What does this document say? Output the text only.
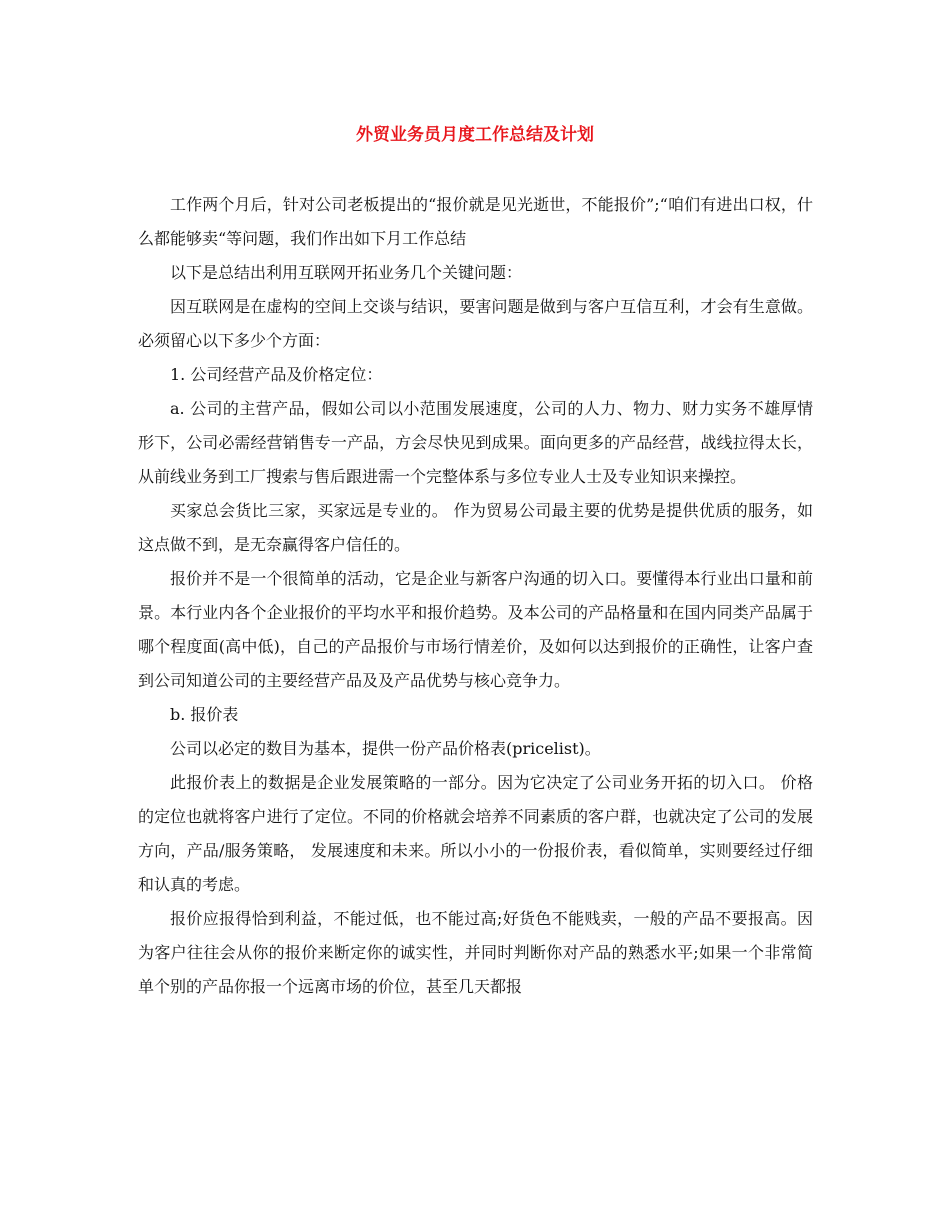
外贸业务员月度工作总结及计划

工作两个月后，针对公司老板提出的“报价就是见光逝世，不能报价”;“咱们有进出口权，什么都能够卖“等问题，我们作出如下月工作总结

以下是总结出利用互联网开拓业务几个关键问题：

因互联网是在虚构的空间上交谈与结识，要害问题是做到与客户互信互利，才会有生意做。必须留心以下多少个方面：

1. 公司经营产品及价格定位：

a. 公司的主营产品，假如公司以小范围发展速度，公司的人力、物力、财力实务不雄厚情形下，公司必需经营销售专一产品，方会尽快见到成果。面向更多的产品经营，战线拉得太长，从前线业务到工厂搜索与售后跟进需一个完整体系与多位专业人士及专业知识来操控。

买家总会货比三家，买家远是专业的。 作为贸易公司最主要的优势是提供优质的服务，如这点做不到，是无奈赢得客户信任的。

报价并不是一个很简单的活动，它是企业与新客户沟通的切入口。要懂得本行业出口量和前景。本行业内各个企业报价的平均水平和报价趋势。及本公司的产品格量和在国内同类产品属于哪个程度面(高中低)，自己的产品报价与市场行情差价，及如何以达到报价的正确性，让客户查到公司知道公司的主要经营产品及及产品优势与核心竞争力。

b. 报价表

公司以必定的数目为基本，提供一份产品价格表(pricelist)。

此报价表上的数据是企业发展策略的一部分。因为它决定了公司业务开拓的切入口。 价格的定位也就将客户进行了定位。不同的价格就会培养不同素质的客户群，也就决定了公司的发展方向，产品/服务策略， 发展速度和未来。所以小小的一份报价表，看似简单，实则要经过仔细和认真的考虑。

报价应报得恰到利益，不能过低，也不能过高;好货色不能贱卖，一般的产品不要报高。因为客户往往会从你的报价来断定你的诚实性，并同时判断你对产品的熟悉水平;如果一个非常简单个别的产品你报一个远离市场的价位，甚至几天都报
